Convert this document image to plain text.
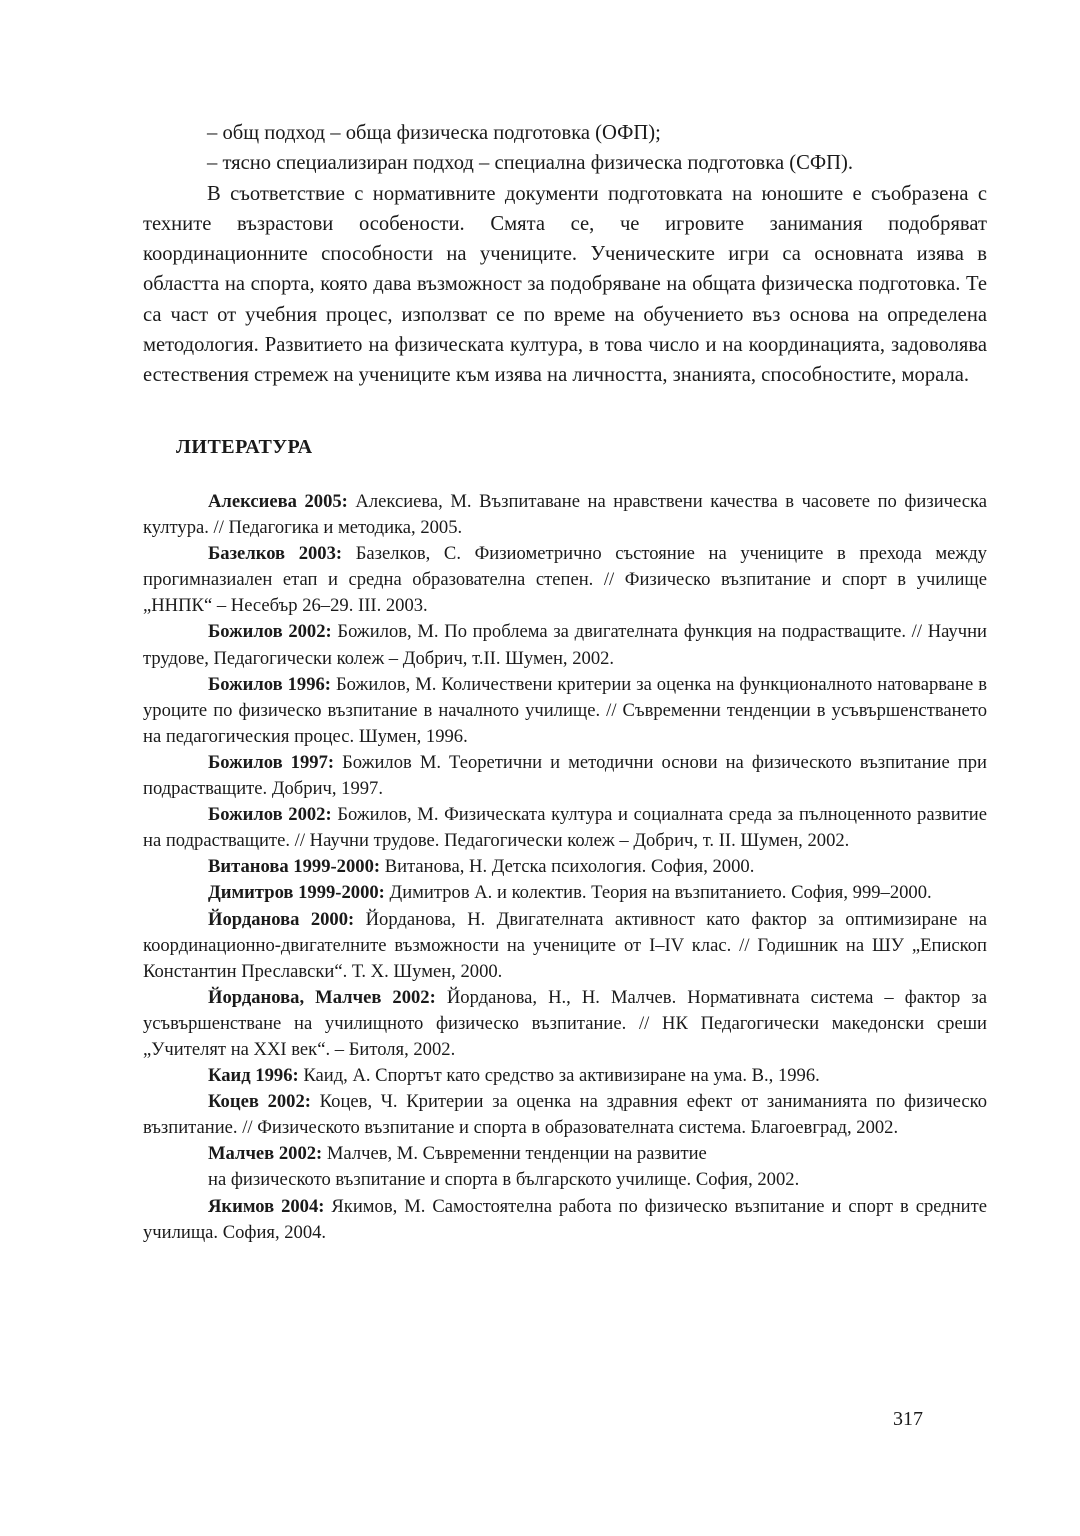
– общ подход – обща физическа подготовка (ОФП);

– тясно специализиран подход – специална физическа подготовка (СФП).

В съответствие с нормативните документи подготовката на юношите е съобразена с техните възрастови особености. Смята се, че игровите занимания подобряват координационните способности на учениците. Ученическите игри са основната изява в областта на спорта, която дава възможност за подобряване на общата физическа подготовка. Те са част от учебния процес, използват се по време на обучението въз основа на определена методология. Развитието на физическата култура, в това число и на координацията, задоволява естествения стремеж на учениците към изява на личността, знанията, способностите, морала.

ЛИТЕРАТУРА

Алексиева 2005: Алексиева, М. Възпитаване на нравствени качества в часовете по физическа култура. // Педагогика и методика, 2005.

Базелков 2003: Базелков, С. Физиометрично състояние на учениците в прехода между прогимназиален етап и средна образователна степен. // Физическо възпитание и спорт в училище „ННПК“ – Несебър 26–29. III. 2003.

Божилов 2002: Божилов, М. По проблема за двигателната функция на подрастващите. // Научни трудове, Педагогически колеж – Добрич, т.II. Шумен, 2002.

Божилов 1996: Божилов, М. Количествени критерии за оценка на функционалното натоварване в уроците по физическо възпитание в началното училище. // Съвременни тенденции в усъвършенстването на педагогическия процес. Шумен, 1996.

Божилов 1997: Божилов М. Теоретични и методични основи на физическото възпитание при подрастващите. Добрич, 1997.

Божилов 2002: Божилов, М. Физическата култура и социалната среда за пълноценното развитие на подрастващите. // Научни трудове. Педагогически колеж – Добрич, т. II. Шумен, 2002.

Витанова 1999-2000: Витанова, Н. Детска психология. София, 2000.

Димитров 1999-2000: Димитров А. и колектив. Теория на възпитанието. София, 999–2000.

Йорданова 2000: Йорданова, Н. Двигателната активност като фактор за оптимизиране на координационно-двигателните възможности на учениците от I–IV клас. // Годишник на ШУ „Епископ Константин Преславски“. Т. Х. Шумен, 2000.

Йорданова, Малчев 2002: Йорданова, Н., Н. Малчев. Нормативната система – фактор за усъвършенстване на училищното физическо възпитание. // НК Педагогически македонски среши „Учителят на ХХI век“. – Битоля, 2002.

Каид 1996: Каид, А. Спортът като средство за активизиране на ума. В., 1996.

Коцев 2002: Коцев, Ч. Критерии за оценка на здравния ефект от заниманията по физическо възпитание. // Физическото възпитание и спорта в образователната система. Благоевград, 2002.

Малчев 2002: Малчев, М. Съвременни тенденции на развитие

на физическото възпитание и спорта в българското училище. София, 2002.

Якимов 2004: Якимов, М. Самостоятелна работа по физическо възпитание и спорт в средните училища. София, 2004.

317
